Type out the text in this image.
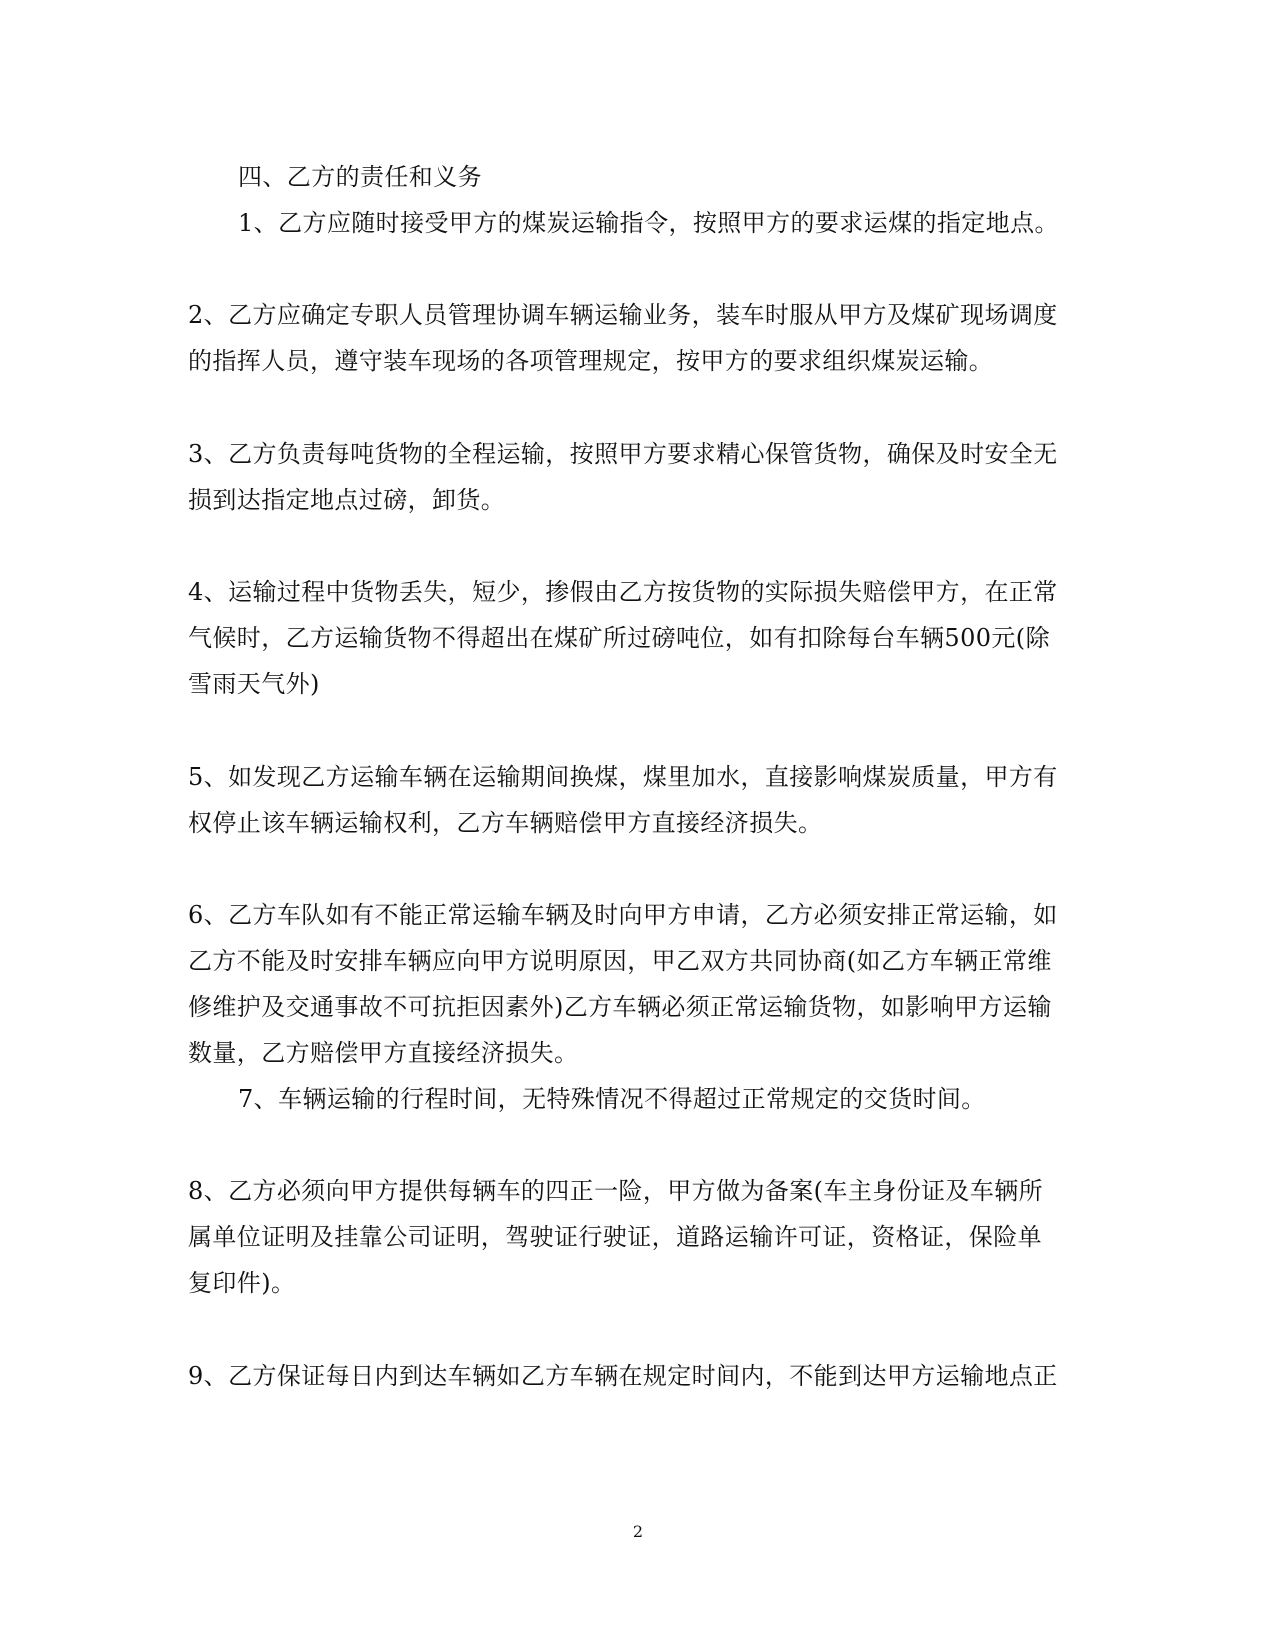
四、乙方的责任和义务
1、乙方应随时接受甲方的煤炭运输指令，按照甲方的要求运煤的指定地点。
2、乙方应确定专职人员管理协调车辆运输业务，装车时服从甲方及煤矿现场调度
的指挥人员，遵守装车现场的各项管理规定，按甲方的要求组织煤炭运输。
3、乙方负责每吨货物的全程运输，按照甲方要求精心保管货物，确保及时安全无
损到达指定地点过磅，卸货。
4、运输过程中货物丢失，短少，掺假由乙方按货物的实际损失赔偿甲方，在正常
气候时，乙方运输货物不得超出在煤矿所过磅吨位，如有扣除每台车辆500元(除
雪雨天气外)
5、如发现乙方运输车辆在运输期间换煤，煤里加水，直接影响煤炭质量，甲方有
权停止该车辆运输权利，乙方车辆赔偿甲方直接经济损失。
6、乙方车队如有不能正常运输车辆及时向甲方申请，乙方必须安排正常运输，如
乙方不能及时安排车辆应向甲方说明原因，甲乙双方共同协商(如乙方车辆正常维
修维护及交通事故不可抗拒因素外)乙方车辆必须正常运输货物，如影响甲方运输
数量，乙方赔偿甲方直接经济损失。
7、车辆运输的行程时间，无特殊情况不得超过正常规定的交货时间。
8、乙方必须向甲方提供每辆车的四正一险，甲方做为备案(车主身份证及车辆所
属单位证明及挂靠公司证明，驾驶证行驶证，道路运输许可证，资格证，保险单
复印件)。
9、乙方保证每日内到达车辆如乙方车辆在规定时间内，不能到达甲方运输地点正
2
